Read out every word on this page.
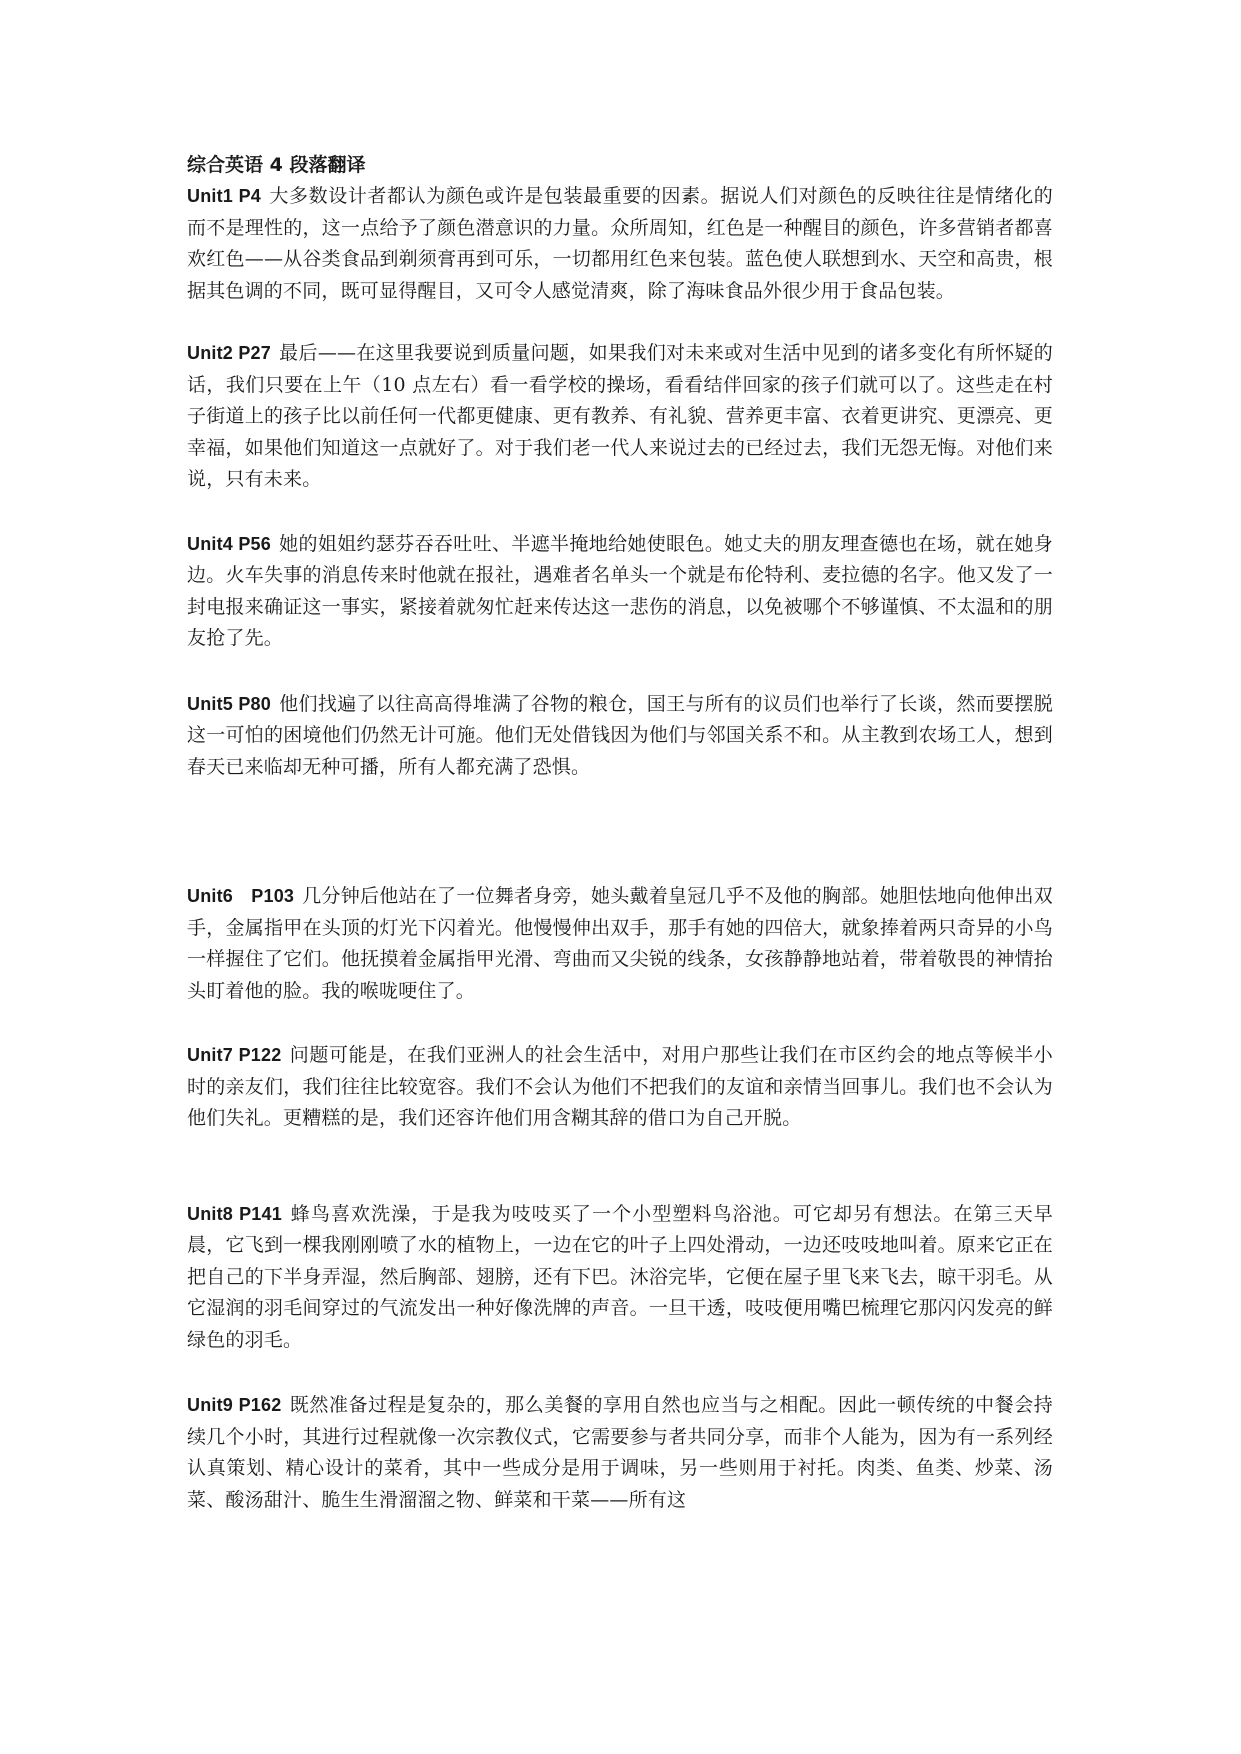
综合英语 4 段落翻译

Unit1 P4 大多数设计者都认为颜色或许是包装最重要的因素。据说人们对颜色的反映往往是情绪化的而不是理性的，这一点给予了颜色潜意识的力量。众所周知，红色是一种醒目的颜色，许多营销者都喜欢红色——从谷类食品到剃须膏再到可乐，一切都用红色来包装。蓝色使人联想到水、天空和高贵，根据其色调的不同，既可显得醒目，又可令人感觉清爽，除了海味食品外很少用于食品包装。

Unit2 P27 最后——在这里我要说到质量问题，如果我们对未来或对生活中见到的诸多变化有所怀疑的话，我们只要在上午（10 点左右）看一看学校的操场，看看结伴回家的孩子们就可以了。这些走在村子街道上的孩子比以前任何一代都更健康、更有教养、有礼貌、营养更丰富、衣着更讲究、更漂亮、更幸福，如果他们知道这一点就好了。对于我们老一代人来说过去的已经过去，我们无怨无悔。对他们来说，只有未来。

Unit4 P56 她的姐姐约瑟芬吞吞吐吐、半遮半掩地给她使眼色。她丈夫的朋友理查德也在场，就在她身边。火车失事的消息传来时他就在报社，遇难者名单头一个就是布伦特利、麦拉德的名字。他又发了一封电报来确证这一事实，紧接着就匆忙赶来传达这一悲伤的消息，以免被哪个不够谨慎、不太温和的朋友抢了先。

Unit5 P80 他们找遍了以往高高得堆满了谷物的粮仓，国王与所有的议员们也举行了长谈，然而要摆脱这一可怕的困境他们仍然无计可施。他们无处借钱因为他们与邻国关系不和。从主教到农场工人，想到春天已来临却无种可播，所有人都充满了恐惧。

Unit6　P103 几分钟后他站在了一位舞者身旁，她头戴着皇冠几乎不及他的胸部。她胆怯地向他伸出双手，金属指甲在头顶的灯光下闪着光。他慢慢伸出双手，那手有她的四倍大，就象捧着两只奇异的小鸟一样握住了它们。他抚摸着金属指甲光滑、弯曲而又尖锐的线条，女孩静静地站着，带着敬畏的神情抬头盯着他的脸。我的喉咙哽住了。

Unit7 P122 问题可能是，在我们亚洲人的社会生活中，对用户那些让我们在市区约会的地点等候半小时的亲友们，我们往往比较宽容。我们不会认为他们不把我们的友谊和亲情当回事儿。我们也不会认为他们失礼。更糟糕的是，我们还容许他们用含糊其辞的借口为自己开脱。

Unit8 P141 蜂鸟喜欢洗澡，于是我为吱吱买了一个小型塑料鸟浴池。可它却另有想法。在第三天早晨，它飞到一棵我刚刚喷了水的植物上，一边在它的叶子上四处滑动，一边还吱吱地叫着。原来它正在把自己的下半身弄湿，然后胸部、翅膀，还有下巴。沐浴完毕，它便在屋子里飞来飞去，晾干羽毛。从它湿润的羽毛间穿过的气流发出一种好像洗牌的声音。一旦干透，吱吱便用嘴巴梳理它那闪闪发亮的鲜绿色的羽毛。

Unit9 P162 既然准备过程是复杂的，那么美餐的享用自然也应当与之相配。因此一顿传统的中餐会持续几个小时，其进行过程就像一次宗教仪式，它需要参与者共同分享，而非个人能为，因为有一系列经认真策划、精心设计的菜肴，其中一些成分是用于调味，另一些则用于衬托。肉类、鱼类、炒菜、汤菜、酸汤甜汁、脆生生滑溜溜之物、鲜菜和干菜——所有这
